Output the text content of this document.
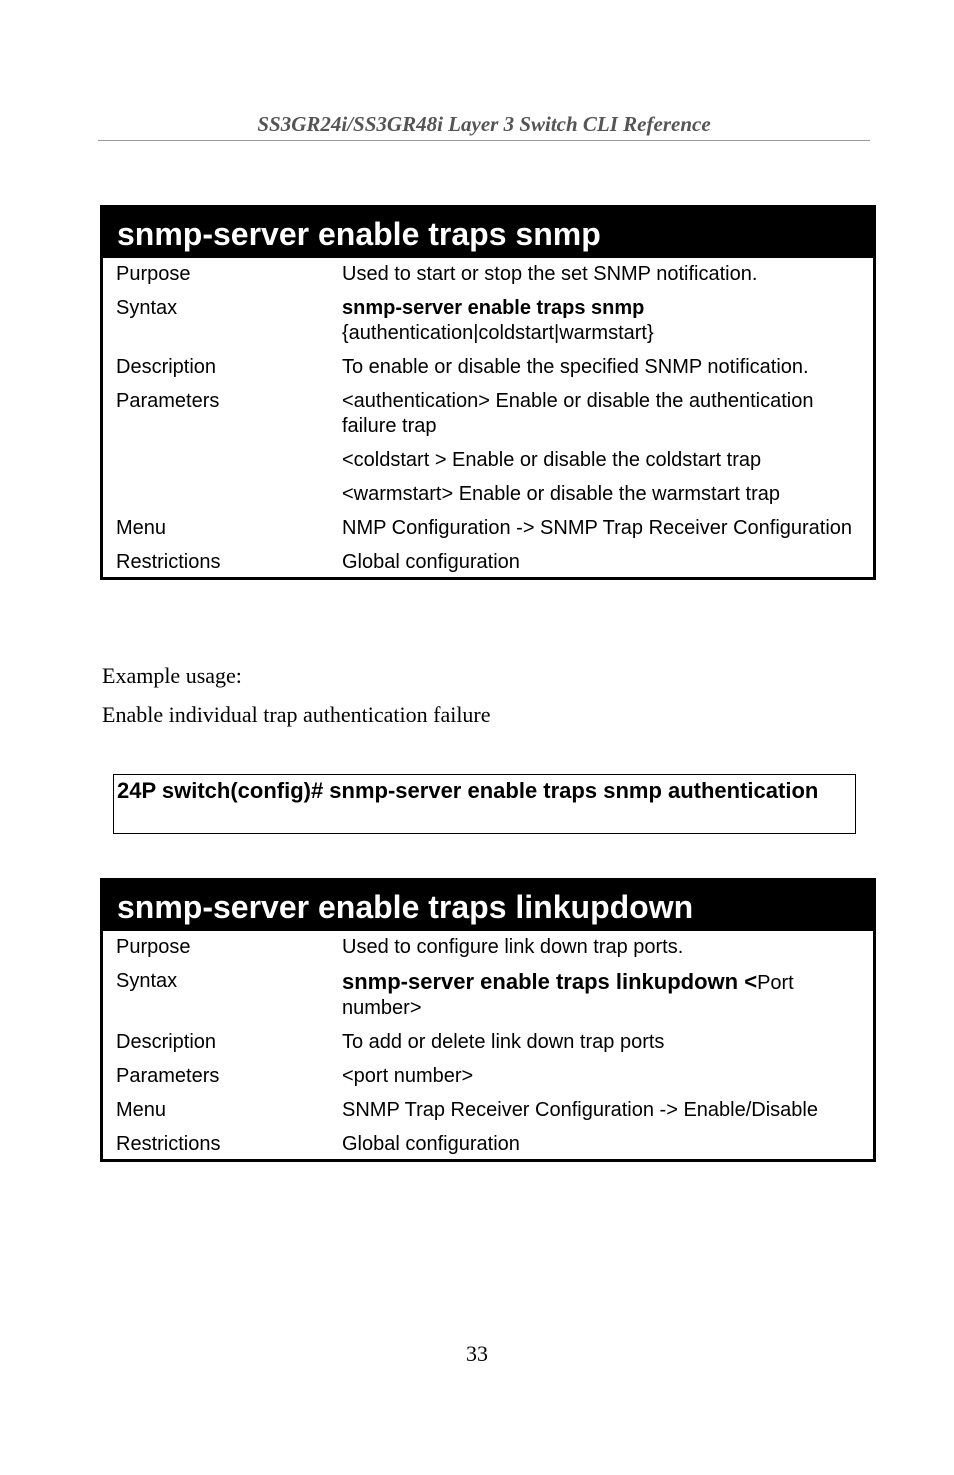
SS3GR24i/SS3GR48i Layer 3 Switch CLI Reference
snmp-server enable traps snmp
Purpose	Used to start or stop the set SNMP notification.
Syntax	snmp-server enable traps snmp
{authentication|coldstart|warmstart}
Description	To enable or disable the specified SNMP notification.
Parameters	<authentication> Enable or disable the authentication failure trap
<coldstart > Enable or disable the coldstart trap
<warmstart> Enable or disable the warmstart trap
Menu	NMP Configuration -> SNMP Trap Receiver Configuration
Restrictions	Global configuration
Example usage:
Enable individual trap authentication failure
24P switch(config)# snmp-server enable traps snmp authentication
snmp-server enable traps linkupdown
Purpose	Used to configure link down trap ports.
Syntax	snmp-server enable traps linkupdown <Port number>
Description	To add or delete link down trap ports
Parameters	<port number>
Menu	SNMP Trap Receiver Configuration -> Enable/Disable
Restrictions	Global configuration
33
